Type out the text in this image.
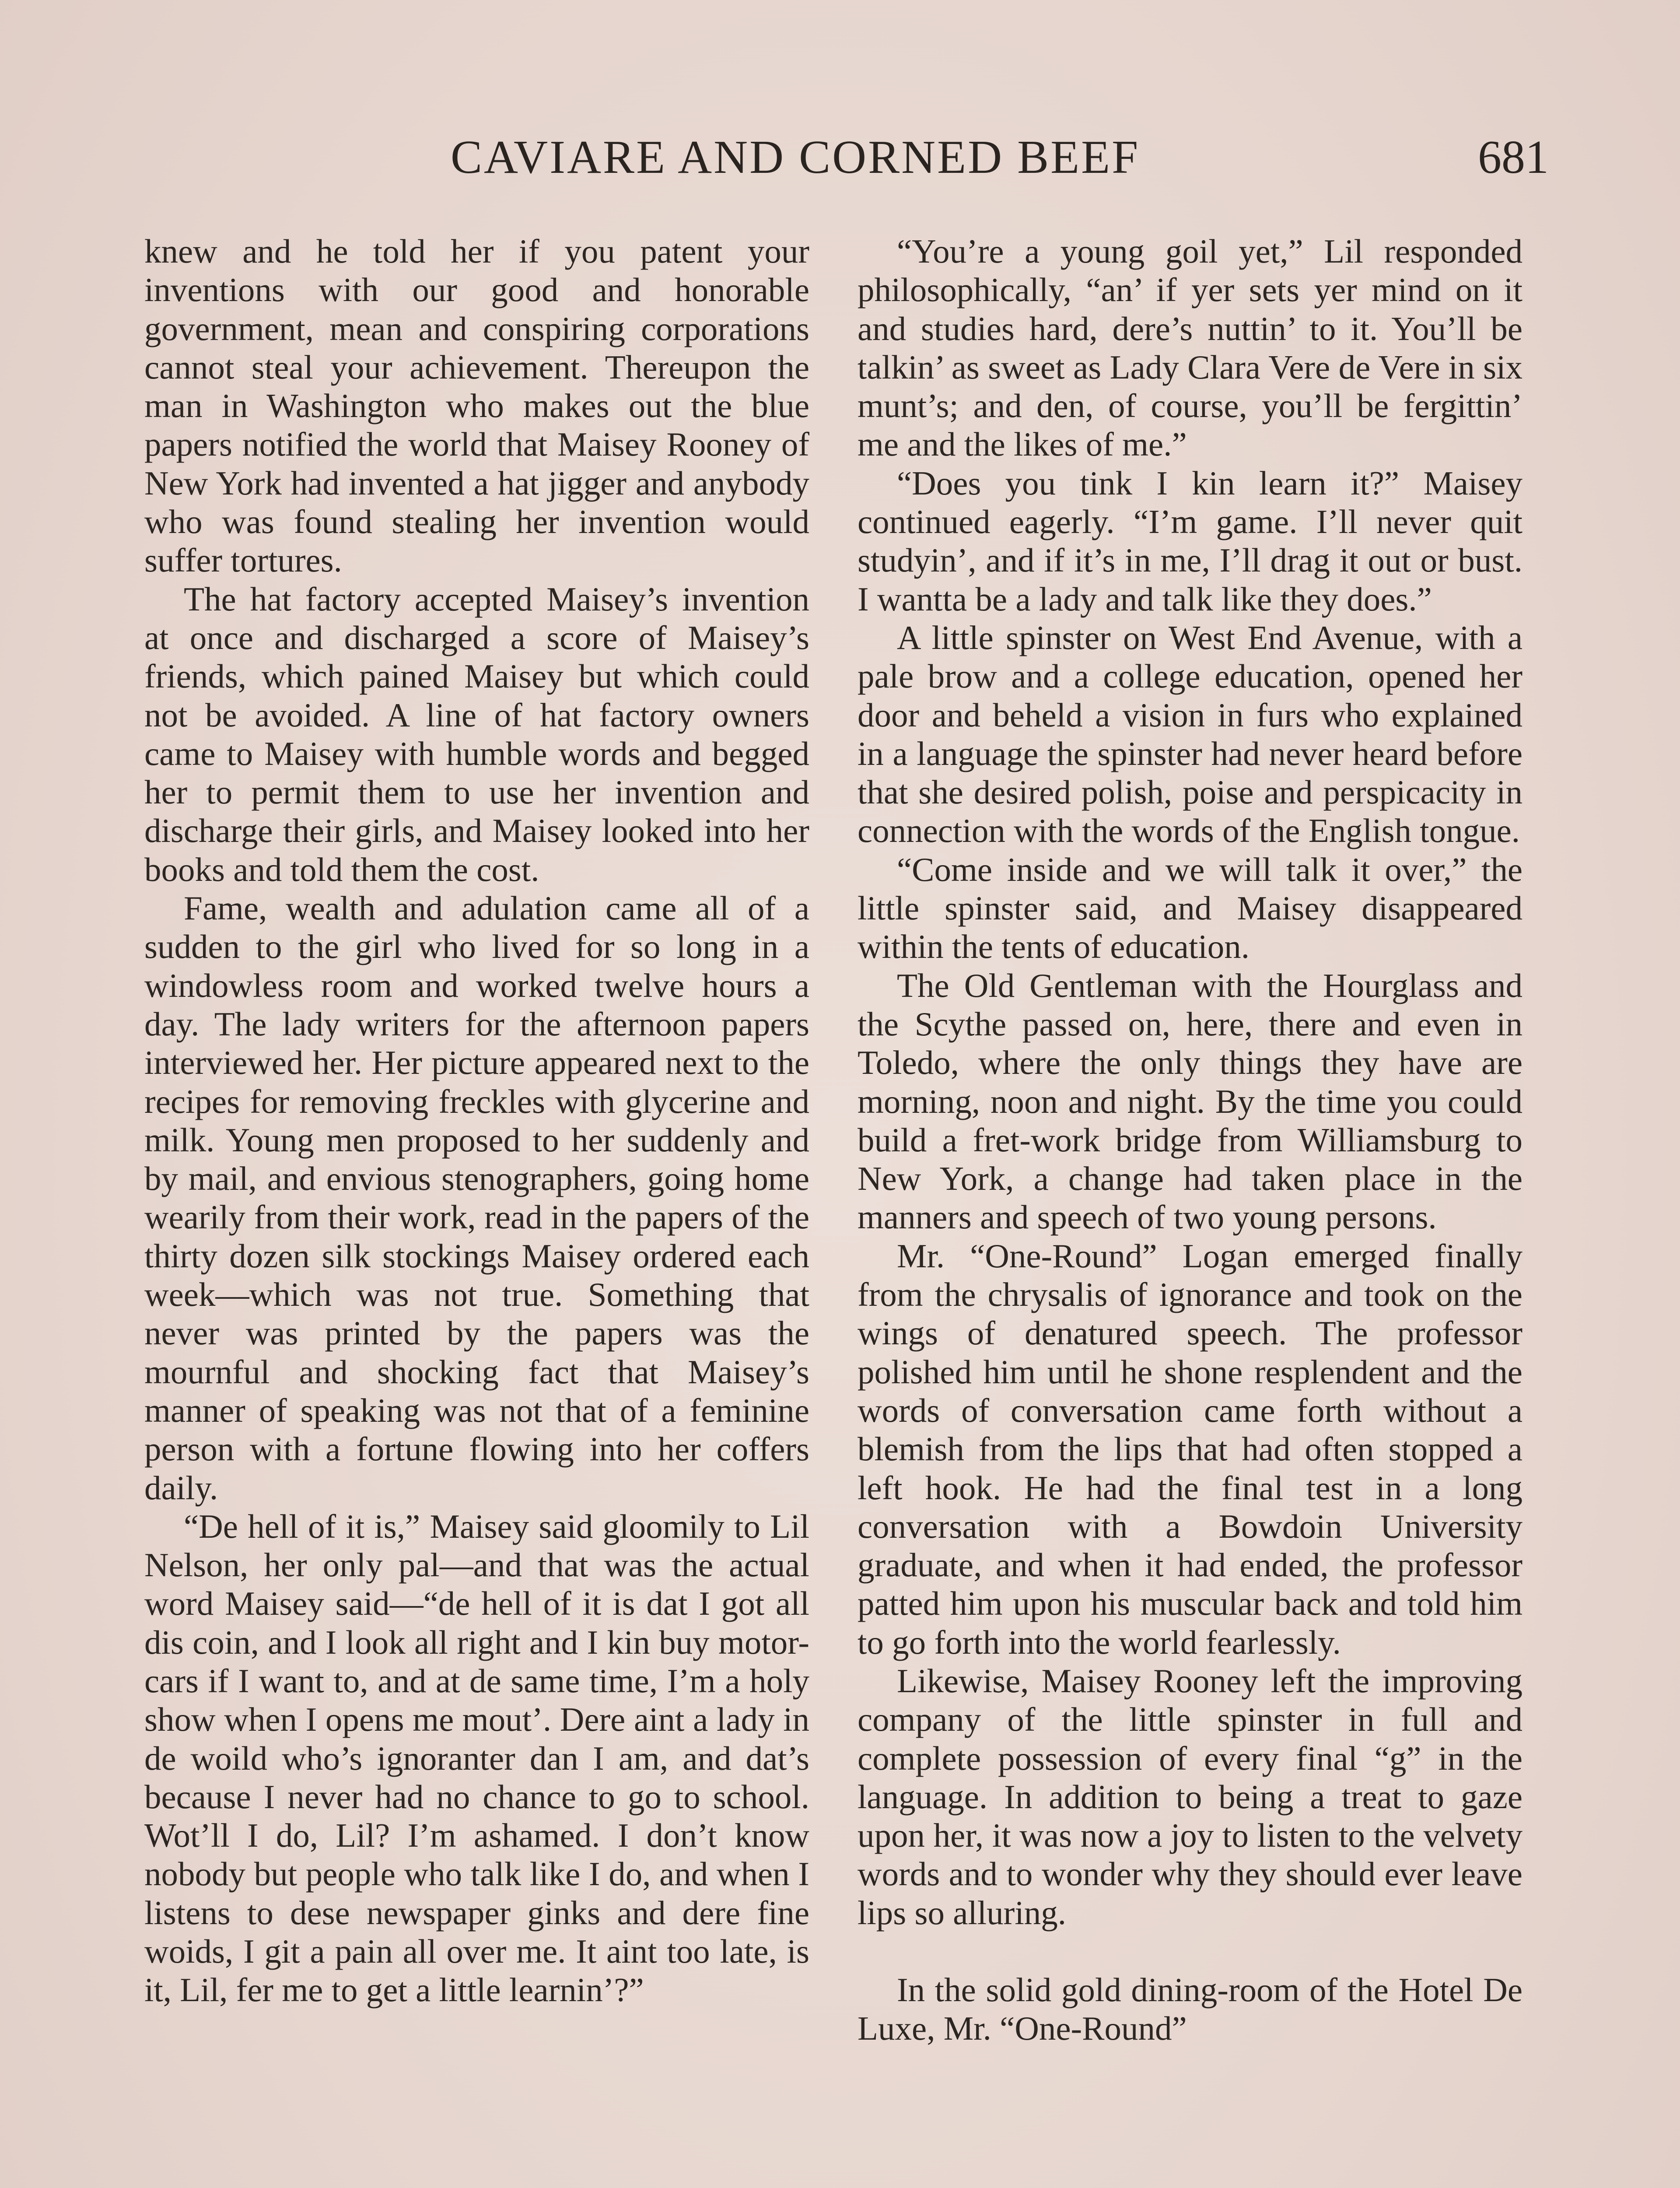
CAVIARE AND CORNED BEEF	681

knew and he told her if you patent your inventions with our good and honorable government, mean and conspiring corporations cannot steal your achievement. Thereupon the man in Washington who makes out the blue papers notified the world that Maisey Rooney of New York had invented a hat jigger and anybody who was found stealing her invention would suffer tortures.

The hat factory accepted Maisey’s invention at once and discharged a score of Maisey’s friends, which pained Maisey but which could not be avoided. A line of hat factory owners came to Maisey with humble words and begged her to permit them to use her invention and discharge their girls, and Maisey looked into her books and told them the cost.

Fame, wealth and adulation came all of a sudden to the girl who lived for so long in a windowless room and worked twelve hours a day. The lady writers for the afternoon papers interviewed her. Her picture appeared next to the recipes for removing freckles with glycerine and milk. Young men proposed to her suddenly and by mail, and envious stenographers, going home wearily from their work, read in the papers of the thirty dozen silk stockings Maisey ordered each week—which was not true. Something that never was printed by the papers was the mournful and shocking fact that Maisey’s manner of speaking was not that of a feminine person with a fortune flowing into her coffers daily.

“De hell of it is,” Maisey said gloomily to Lil Nelson, her only pal—and that was the actual word Maisey said—“de hell of it is dat I got all dis coin, and I look all right and I kin buy motor-cars if I want to, and at de same time, I’m a holy show when I opens me mout’. Dere aint a lady in de woild who’s ignoranter dan I am, and dat’s because I never had no chance to go to school. Wot’ll I do, Lil? I’m ashamed. I don’t know nobody but people who talk like I do, and when I listens to dese newspaper ginks and dere fine woids, I git a pain all over me. It aint too late, is it, Lil, fer me to get a little learnin’?”

“You’re a young goil yet,” Lil responded philosophically, “an’ if yer sets yer mind on it and studies hard, dere’s nuttin’ to it. You’ll be talkin’ as sweet as Lady Clara Vere de Vere in six munt’s; and den, of course, you’ll be fergittin’ me and the likes of me.”

“Does you tink I kin learn it?” Maisey continued eagerly. “I’m game. I’ll never quit studyin’, and if it’s in me, I’ll drag it out or bust. I wantta be a lady and talk like they does.”

A little spinster on West End Avenue, with a pale brow and a college education, opened her door and beheld a vision in furs who explained in a language the spinster had never heard before that she desired polish, poise and perspicacity in connection with the words of the English tongue.

“Come inside and we will talk it over,” the little spinster said, and Maisey disappeared within the tents of education.

The Old Gentleman with the Hourglass and the Scythe passed on, here, there and even in Toledo, where the only things they have are morning, noon and night. By the time you could build a fret-work bridge from Williamsburg to New York, a change had taken place in the manners and speech of two young persons.

Mr. “One-Round” Logan emerged finally from the chrysalis of ignorance and took on the wings of denatured speech. The professor polished him until he shone resplendent and the words of conversation came forth without a blemish from the lips that had often stopped a left hook. He had the final test in a long conversation with a Bowdoin University graduate, and when it had ended, the professor patted him upon his muscular back and told him to go forth into the world fearlessly.

Likewise, Maisey Rooney left the improving company of the little spinster in full and complete possession of every final “g” in the language. In addition to being a treat to gaze upon her, it was now a joy to listen to the velvety words and to wonder why they should ever leave lips so alluring.

In the solid gold dining-room of the Hotel De Luxe, Mr. “One-Round”
